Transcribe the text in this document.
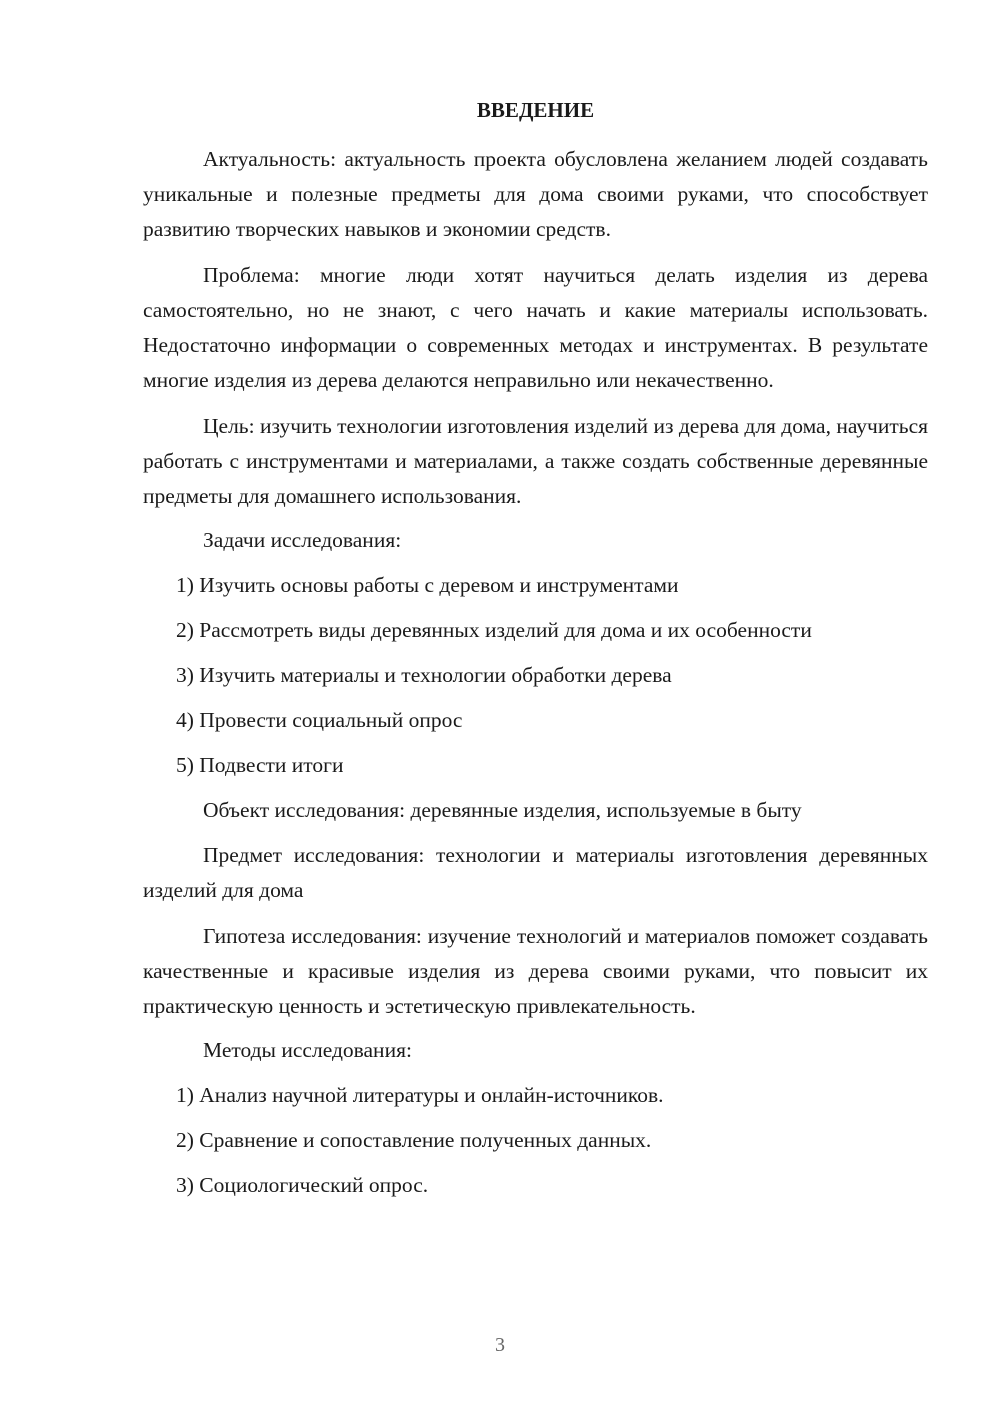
ВВЕДЕНИЕ

Актуальность: актуальность проекта обусловлена желанием людей создавать уникальные и полезные предметы для дома своими руками, что способствует развитию творческих навыков и экономии средств.

Проблема: многие люди хотят научиться делать изделия из дерева самостоятельно, но не знают, с чего начать и какие материалы использовать. Недостаточно информации о современных методах и инструментах. В результате многие изделия из дерева делаются неправильно или некачественно.

Цель: изучить технологии изготовления изделий из дерева для дома, научиться работать с инструментами и материалами, а также создать собственные деревянные предметы для домашнего использования.

Задачи исследования:
1) Изучить основы работы с деревом и инструментами
2) Рассмотреть виды деревянных изделий для дома и их особенности
3) Изучить материалы и технологии обработки дерева
4) Провести социальный опрос
5) Подвести итоги
Объект исследования: деревянные изделия, используемые в быту

Предмет исследования: технологии и материалы изготовления деревянных изделий для дома

Гипотеза исследования: изучение технологий и материалов поможет создавать качественные и красивые изделия из дерева своими руками, что повысит их практическую ценность и эстетическую привлекательность.

Методы исследования:
1) Анализ научной литературы и онлайн-источников.
2) Сравнение и сопоставление полученных данных.
3) Социологический опрос.
3
